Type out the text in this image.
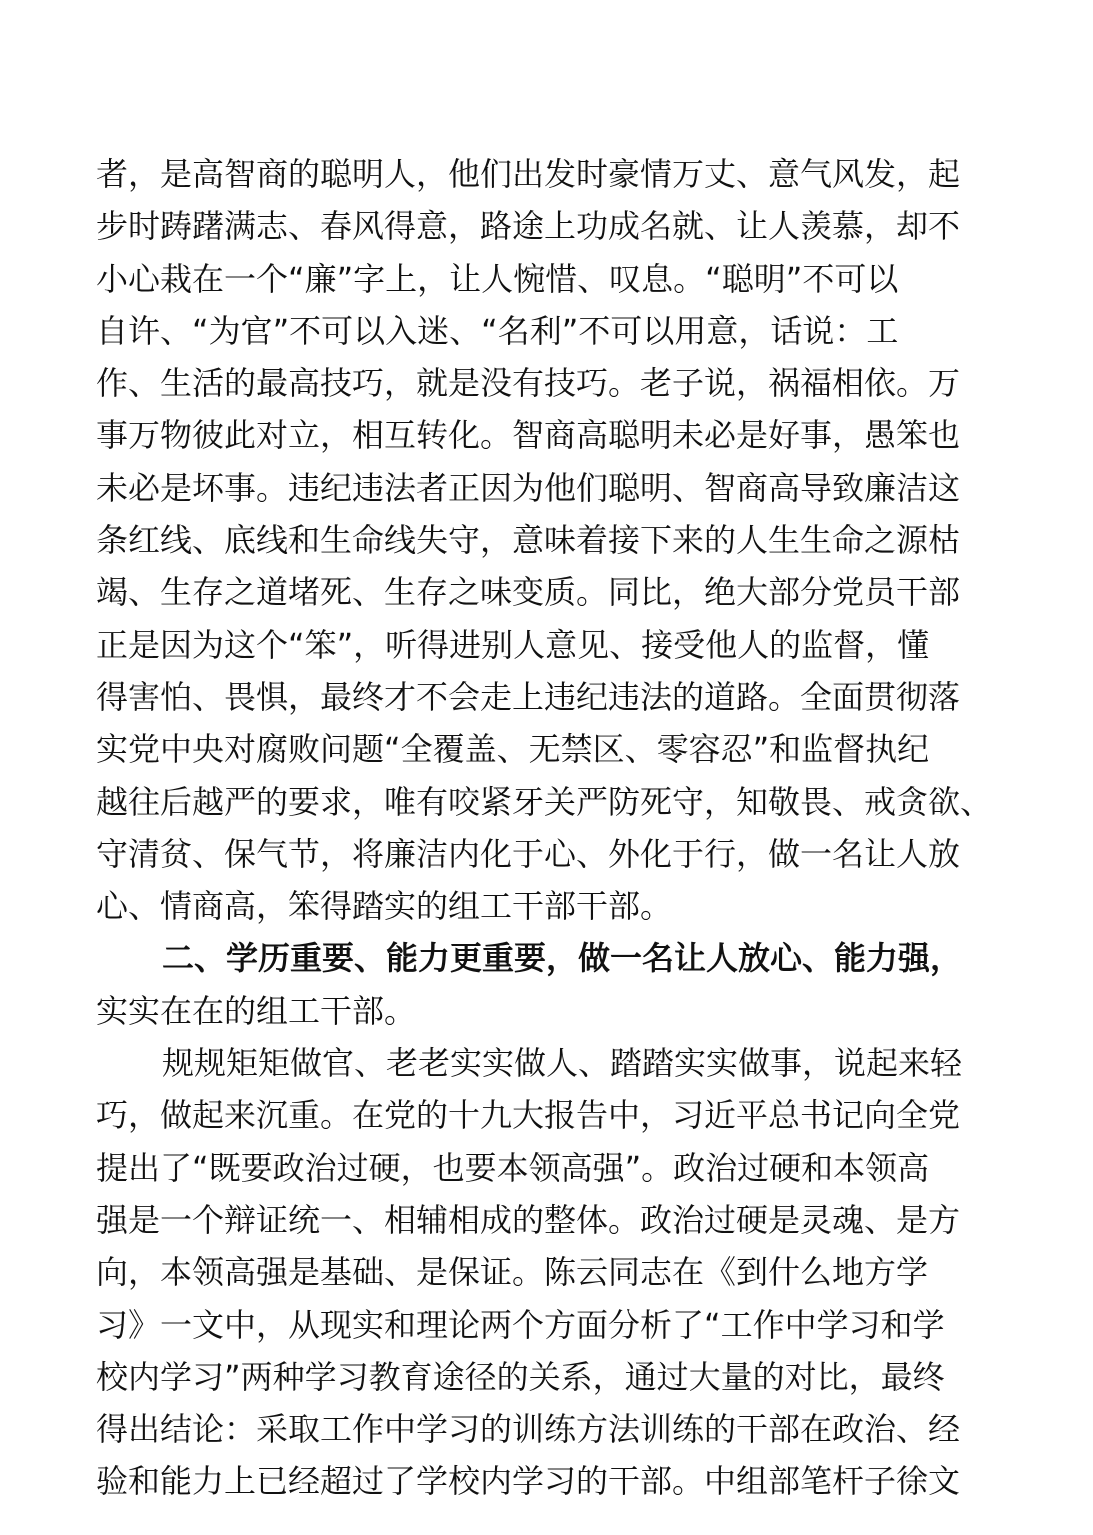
者，是高智商的聪明人，他们出发时豪情万丈、意气风发，起
步时踌躇满志、春风得意，路途上功成名就、让人羡慕，却不
小心栽在一个“廉”字上，让人惋惜、叹息。“聪明”不可以
自许、“为官”不可以入迷、“名利”不可以用意，话说：工
作、生活的最高技巧，就是没有技巧。老子说，祸福相依。万
事万物彼此对立，相互转化。智商高聪明未必是好事，愚笨也
未必是坏事。违纪违法者正因为他们聪明、智商高导致廉洁这
条红线、底线和生命线失守，意味着接下来的人生生命之源枯
竭、生存之道堵死、生存之味变质。同比，绝大部分党员干部
正是因为这个“笨”，听得进别人意见、接受他人的监督，懂
得害怕、畏惧，最终才不会走上违纪违法的道路。全面贯彻落
实党中央对腐败问题“全覆盖、无禁区、零容忍”和监督执纪
越往后越严的要求，唯有咬紧牙关严防死守，知敬畏、戒贪欲、
守清贫、保气节，将廉洁内化于心、外化于行，做一名让人放
心、情商高，笨得踏实的组工干部干部。
二、学历重要、能力更重要，做一名让人放心、能力强，
实实在在的组工干部。
规规矩矩做官、老老实实做人、踏踏实实做事，说起来轻
巧，做起来沉重。在党的十九大报告中，习近平总书记向全党
提出了“既要政治过硬，也要本领高强”。政治过硬和本领高
强是一个辩证统一、相辅相成的整体。政治过硬是灵魂、是方
向，本领高强是基础、是保证。陈云同志在《到什么地方学
习》一文中，从现实和理论两个方面分析了“工作中学习和学
校内学习”两种学习教育途径的关系，通过大量的对比，最终
得出结论：采取工作中学习的训练方法训练的干部在政治、经
验和能力上已经超过了学校内学习的干部。中组部笔杆子徐文
